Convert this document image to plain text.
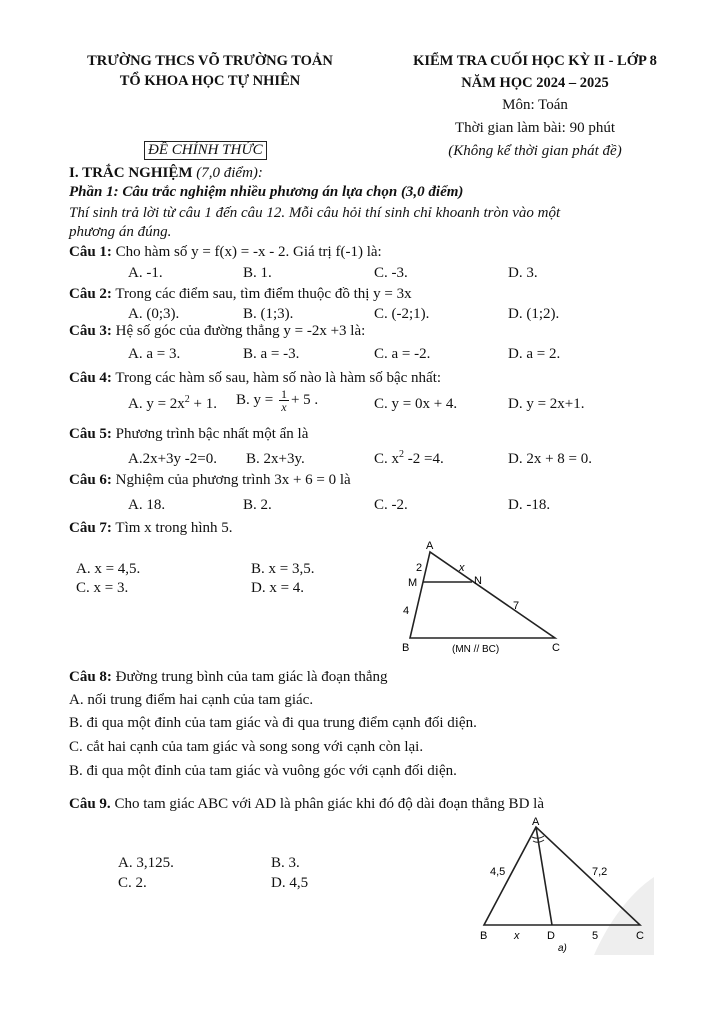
TRƯỜNG THCS VÕ TRƯỜNG TOẢN
TỔ KHOA HỌC TỰ NHIÊN
KIỂM TRA CUỐI HỌC KỲ II - LỚP 8
NĂM HỌC 2024 – 2025
Môn: Toán
Thời gian làm bài: 90 phút
(Không kể thời gian phát đề)
ĐỀ CHÍNH THỨC
I. TRẮC NGHIỆM (7,0 điểm):
Phần 1: Câu trắc nghiệm nhiều phương án lựa chọn (3,0 điểm)
Thí sinh trả lời từ câu 1 đến câu 12. Mỗi câu hỏi thí sinh chỉ khoanh tròn vào một
phương án đúng.
Câu 1: Cho hàm số y = f(x) = -x - 2. Giá trị f(-1) là:
A. -1.	B. 1.	C. -3.	D. 3.
Câu 2: Trong các điểm sau, tìm điểm thuộc đồ thị y = 3x
A. (0;3).	B. (1;3).	C. (-2;1).	D. (1;2).
Câu 3: Hệ số góc của đường thẳng y = -2x +3 là:
A. a = 3.	B. a = -3.	C. a = -2.	D. a = 2.
Câu 4: Trong các hàm số sau, hàm số nào là hàm số bậc nhất:
A. $y = 2x^2 + 1$. B. $y = \frac{1}{x} + 5$ .	C. y = 0x + 4.	D. y = 2x+1.
Câu 5: Phương trình bậc nhất một ẩn là
A.2x+3y -2=0. B. 2x+3y.	C. $x^2$ -2 =4.	D. 2x + 8 = 0.
Câu 6: Nghiệm của phương trình 3x + 6 = 0 là
A. 18.	B. 2.	C. -2.	D. -18.
Câu 7: Tìm x trong hình 5.
A. x = 4,5.	B. x = 3,5.
C. x = 3.	D. x = 4.
A
M	N
B	C
2	x
4	7
(MN // BC)
Câu 8: Đường trung bình của tam giác là đoạn thẳng
A. nối trung điểm hai cạnh của tam giác.
B. đi qua một đỉnh của tam giác và đi qua trung điểm cạnh đối diện.
C. cắt hai cạnh của tam giác và song song với cạnh còn lại.
B. đi qua một đỉnh của tam giác và vuông góc với cạnh đối diện.
Câu 9. Cho tam giác ABC với AD là phân giác khi đó độ dài đoạn thẳng BD là
A. 3,125.	B. 3.
C. 2.	D. 4,5
A
B	D	C
4,5	7,2
x	5
a)
